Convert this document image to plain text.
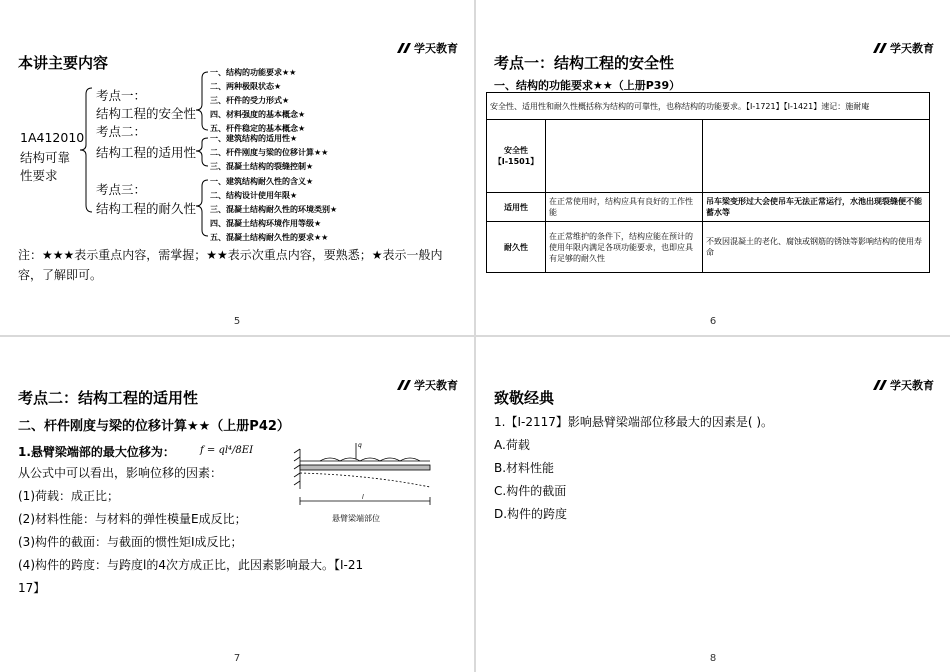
学天教育
本讲主要内容
1A412010
结构可靠
性要求
考点一：
结构工程的安全性
考点二：
结构工程的适用性
考点三：
结构工程的耐久性
一、结构的功能要求★★
二、两种极限状态★
三、杆件的受力形式★
四、材料强度的基本概念★
五、杆件稳定的基本概念★
一、建筑结构的适用性★
二、杆件刚度与梁的位移计算★★
三、混凝土结构的裂缝控制★
一、建筑结构耐久性的含义★
二、结构设计使用年限★
三、混凝土结构耐久性的环境类别★
四、混凝土结构环境作用等级★
五、混凝土结构耐久性的要求★★
注：★★★表示重点内容，需掌握；★★表示次重点内容，要熟悉；★表示一般内容，了解即可。
5
学天教育
考点一：结构工程的安全性
一、结构的功能要求★★（上册P39）
安全性、适用性和耐久性概括称为结构的可靠性，也称结构的功能要求。【Ⅰ-1721】【Ⅰ-1421】速记：施耐庵		
安全性【Ⅰ-1501】		
适用性	在正常使用时，结构应具有良好的工作性能	吊车梁变形过大会使吊车无法正常运行，水池出现裂缝便不能蓄水等
耐久性	在正常维护的条件下，结构应能在预计的使用年限内满足各项功能要求，也即应具有足够的耐久性	不致因混凝土的老化、腐蚀或钢筋的锈蚀等影响结构的使用寿命
6
学天教育
考点二：结构工程的适用性
二、杆件刚度与梁的位移计算★★（上册P42）
1.悬臂梁端部的最大位移为：	f = ql⁴/8EI
从公式中可以看出，影响位移的因素：
(1)荷载：成正比；
(2)材料性能：与材料的弹性模量E成反比；
(3)构件的截面：与截面的惯性矩I成反比；
(4)构件的跨度：与跨度l的4次方成正比，此因素影响最大。【Ⅰ-21
17】
q
l
悬臂梁端部位
7
学天教育
致敬经典
1.【Ⅰ-2117】影响悬臂梁端部位移最大的因素是( )。
A.荷载
B.材料性能
C.构件的截面
D.构件的跨度
8
